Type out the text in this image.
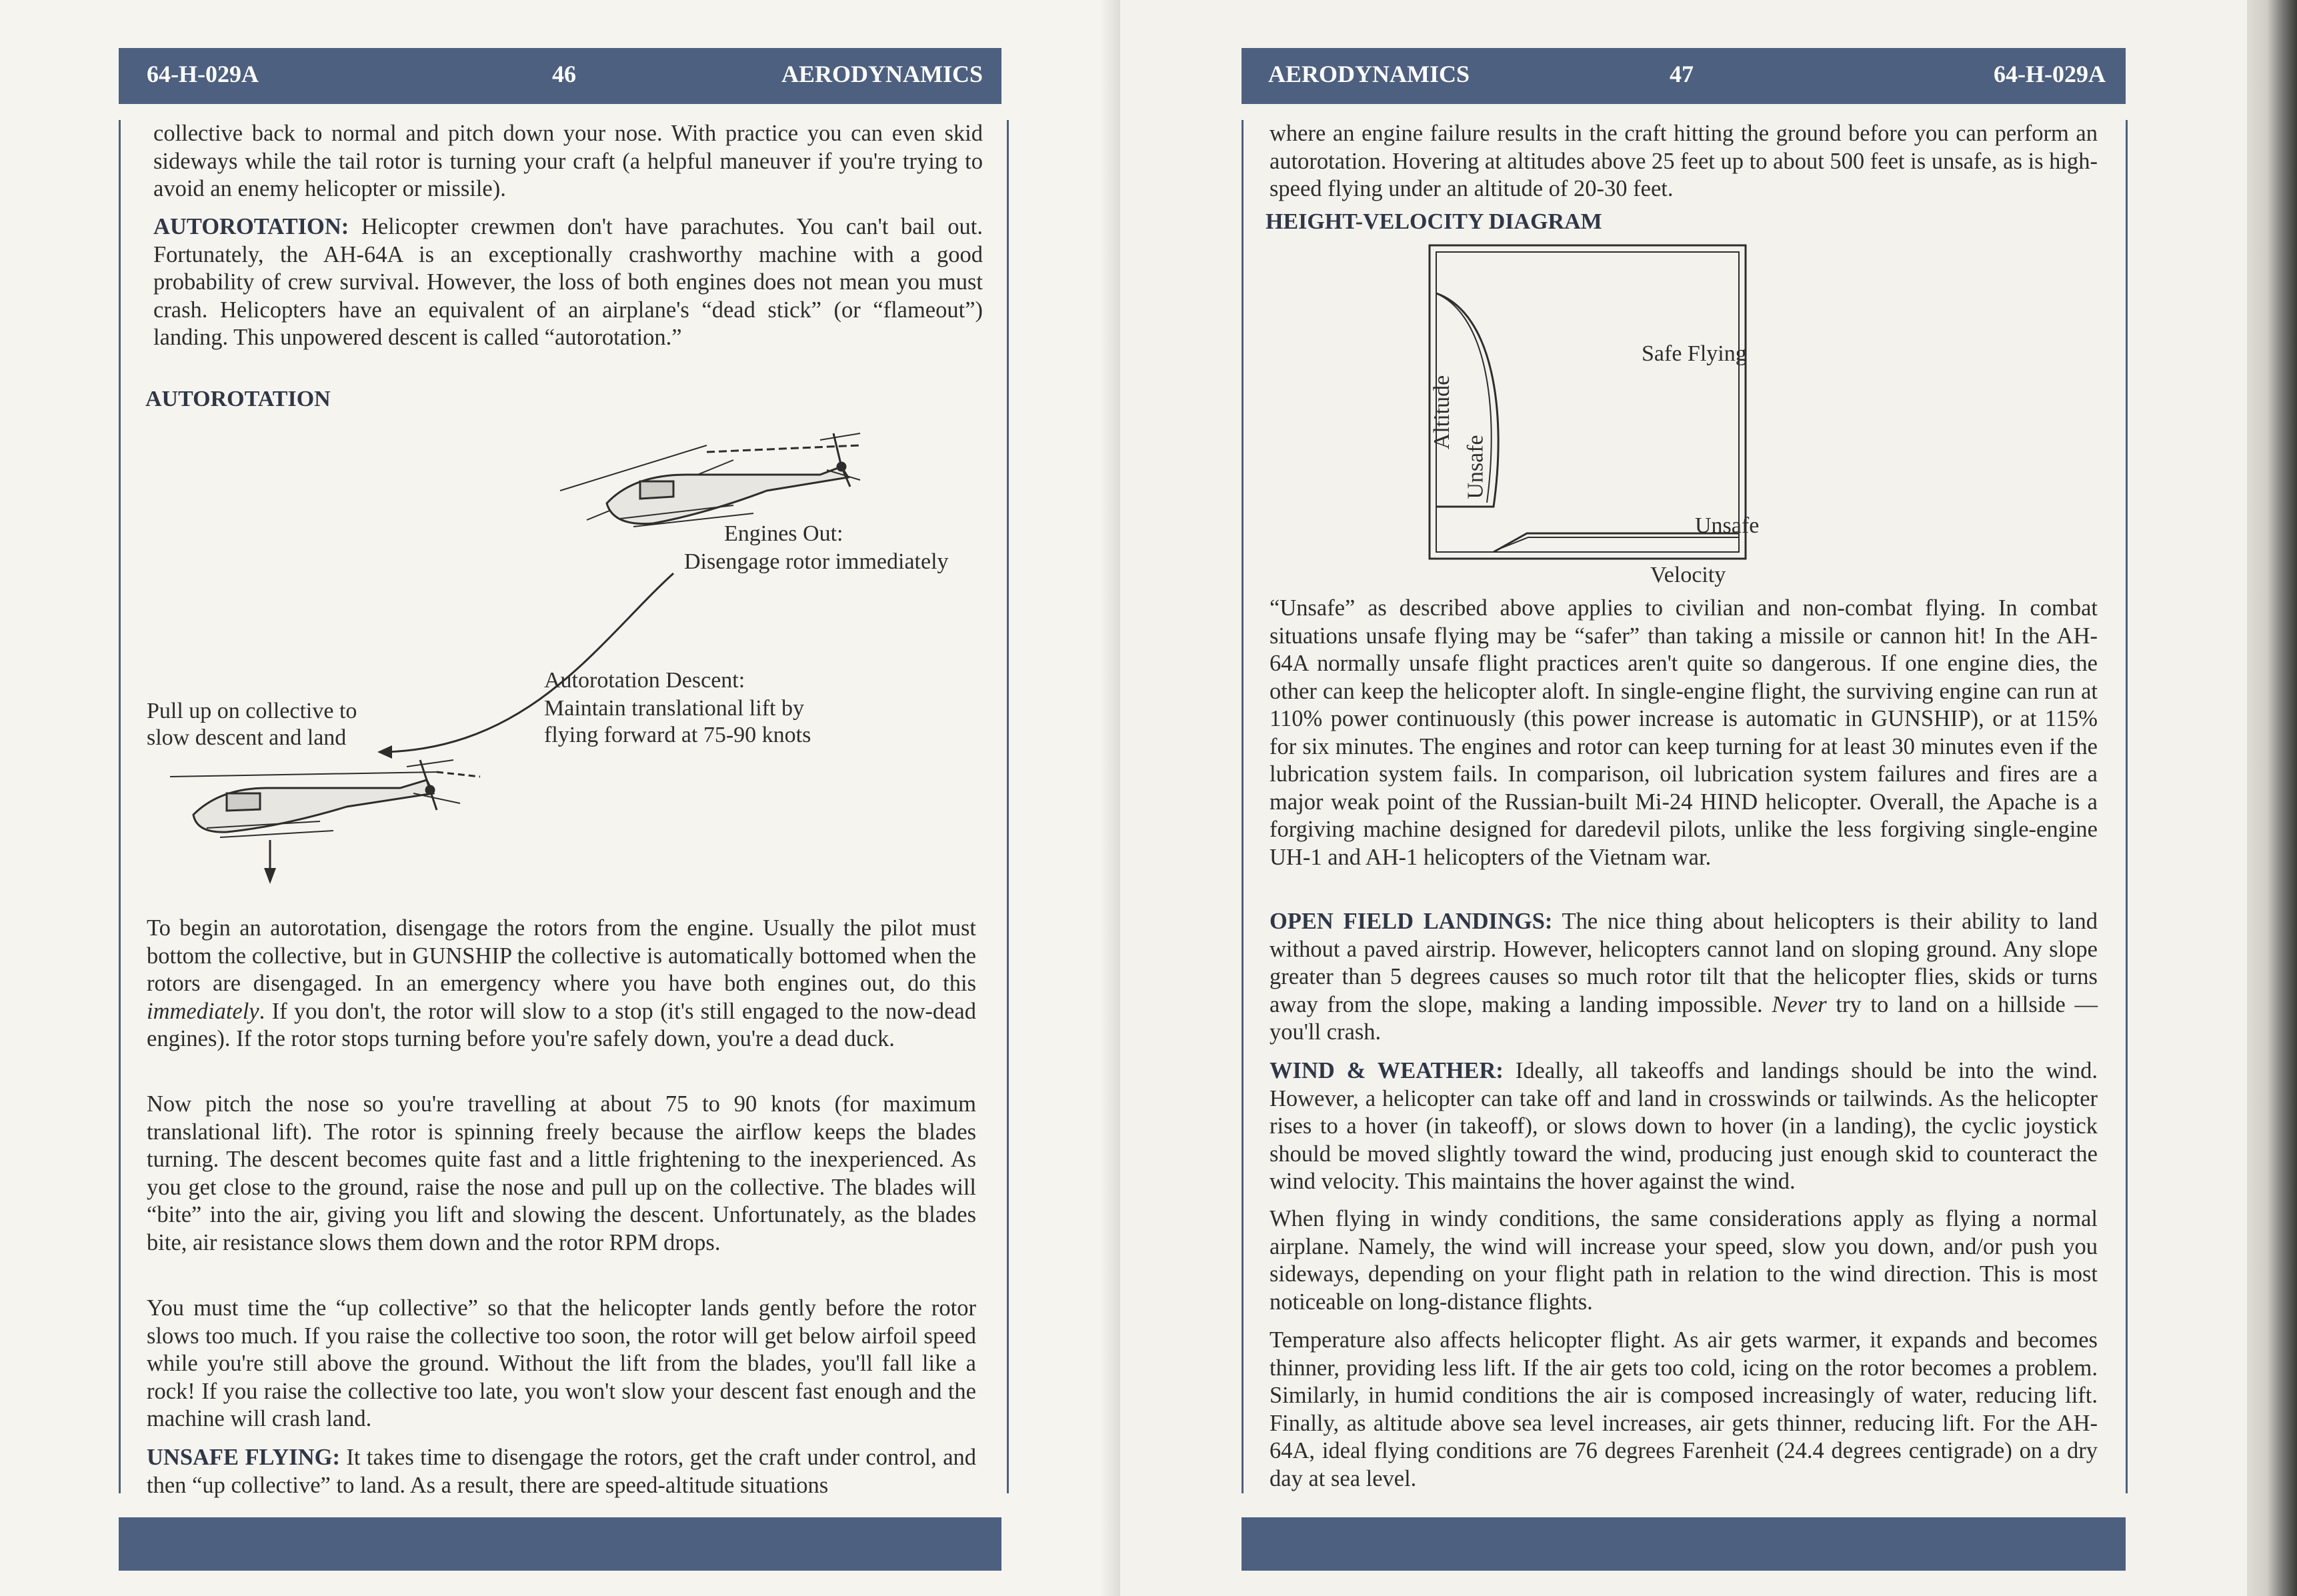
64-H-029A	46	AERODYNAMICS
collective back to normal and pitch down your nose. With practice you can even skid sideways while the tail rotor is turning your craft (a helpful maneuver if you're trying to avoid an enemy helicopter or missile).
AUTOROTATION: Helicopter crewmen don't have parachutes. You can't bail out. Fortunately, the AH-64A is an exceptionally crashworthy machine with a good probability of crew survival. However, the loss of both engines does not mean you must crash. Helicopters have an equivalent of an airplane's “dead stick” (or “flameout”) landing. This unpowered descent is called “autorotation.”
AUTOROTATION
Engines Out:
Disengage rotor immediately
Autorotation Descent:
Maintain translational lift by
flying forward at 75-90 knots
Pull up on collective to
slow descent and land
To begin an autorotation, disengage the rotors from the engine. Usually the pilot must bottom the collective, but in GUNSHIP the collective is automatically bottomed when the rotors are disengaged. In an emergency where you have both engines out, do this immediately. If you don't, the rotor will slow to a stop (it's still engaged to the now-dead engines). If the rotor stops turning before you're safely down, you're a dead duck.
Now pitch the nose so you're travelling at about 75 to 90 knots (for maximum translational lift). The rotor is spinning freely because the airflow keeps the blades turning. The descent becomes quite fast and a little frightening to the inexperienced. As you get close to the ground, raise the nose and pull up on the collective. The blades will “bite” into the air, giving you lift and slowing the descent. Unfortunately, as the blades bite, air resistance slows them down and the rotor RPM drops.
You must time the “up collective” so that the helicopter lands gently before the rotor slows too much. If you raise the collective too soon, the rotor will get below airfoil speed while you're still above the ground. Without the lift from the blades, you'll fall like a rock! If you raise the collective too late, you won't slow your descent fast enough and the machine will crash land.
UNSAFE FLYING: It takes time to disengage the rotors, get the craft under control, and then “up collective” to land. As a result, there are speed-altitude situations
AERODYNAMICS	47	64-H-029A
where an engine failure results in the craft hitting the ground before you can perform an autorotation. Hovering at altitudes above 25 feet up to about 500 feet is unsafe, as is high-speed flying under an altitude of 20-30 feet.
HEIGHT-VELOCITY DIAGRAM
Safe Flying
Unsafe
Velocity
Altitude
Unsafe
“Unsafe” as described above applies to civilian and non-combat flying. In combat situations unsafe flying may be “safer” than taking a missile or cannon hit! In the AH-64A normally unsafe flight practices aren't quite so dangerous. If one engine dies, the other can keep the helicopter aloft. In single-engine flight, the surviving engine can run at 110% power continuously (this power increase is automatic in GUNSHIP), or at 115% for six minutes. The engines and rotor can keep turning for at least 30 minutes even if the lubrication system fails. In comparison, oil lubrication system failures and fires are a major weak point of the Russian-built Mi-24 HIND helicopter. Overall, the Apache is a forgiving machine designed for daredevil pilots, unlike the less forgiving single-engine UH-1 and AH-1 helicopters of the Vietnam war.
OPEN FIELD LANDINGS: The nice thing about helicopters is their ability to land without a paved airstrip. However, helicopters cannot land on sloping ground. Any slope greater than 5 degrees causes so much rotor tilt that the helicopter flies, skids or turns away from the slope, making a landing impossible. Never try to land on a hillside — you'll crash.
WIND & WEATHER: Ideally, all takeoffs and landings should be into the wind. However, a helicopter can take off and land in crosswinds or tailwinds. As the helicopter rises to a hover (in takeoff), or slows down to hover (in a landing), the cyclic joystick should be moved slightly toward the wind, producing just enough skid to counteract the wind velocity. This maintains the hover against the wind.
When flying in windy conditions, the same considerations apply as flying a normal airplane. Namely, the wind will increase your speed, slow you down, and/or push you sideways, depending on your flight path in relation to the wind direction. This is most noticeable on long-distance flights.
Temperature also affects helicopter flight. As air gets warmer, it expands and becomes thinner, providing less lift. If the air gets too cold, icing on the rotor becomes a problem. Similarly, in humid conditions the air is composed increasingly of water, reducing lift. Finally, as altitude above sea level increases, air gets thinner, reducing lift. For the AH-64A, ideal flying conditions are 76 degrees Farenheit (24.4 degrees centigrade) on a dry day at sea level.
